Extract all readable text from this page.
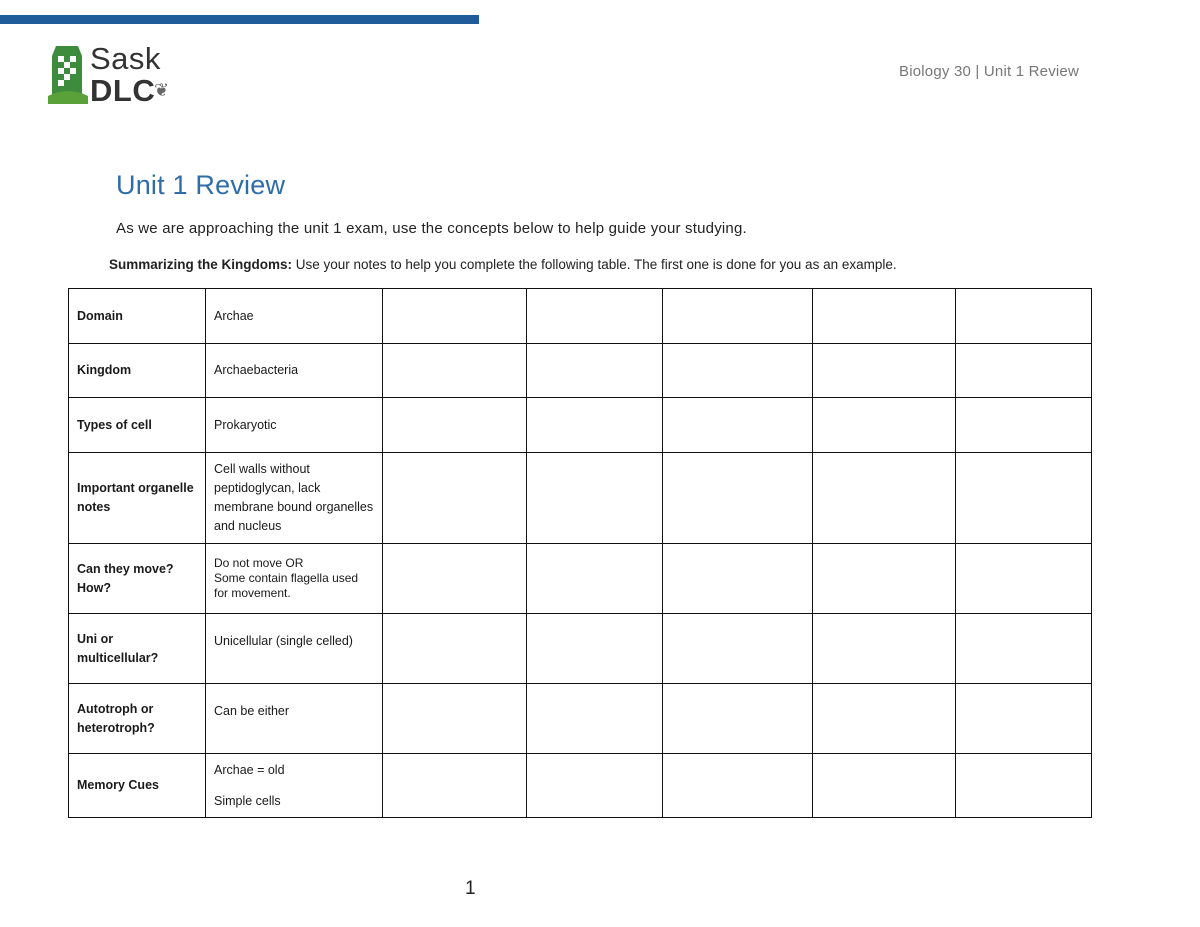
Sask
DLC
❦
Biology 30 | Unit 1 Review
Unit 1 Review

As we are approaching the unit 1 exam, use the concepts below to help guide your studying.

Summarizing the Kingdoms: Use your notes to help you complete the following table. The first one is done for you as an example.

Domain	Archae					

Kingdom	Archaebacteria					

Types of cell	Prokaryotic					

Important organelle notes	Cell walls without peptidoglycan, lack membrane bound organelles and nucleus					

Can they move? How?	Do not move OR
Some contain flagella used for movement.					

Uni or multicellular?	Unicellular (single celled)					

Autotroph or heterotroph?	Can be either					

Memory Cues	Archae = old
Simple cells					

1
